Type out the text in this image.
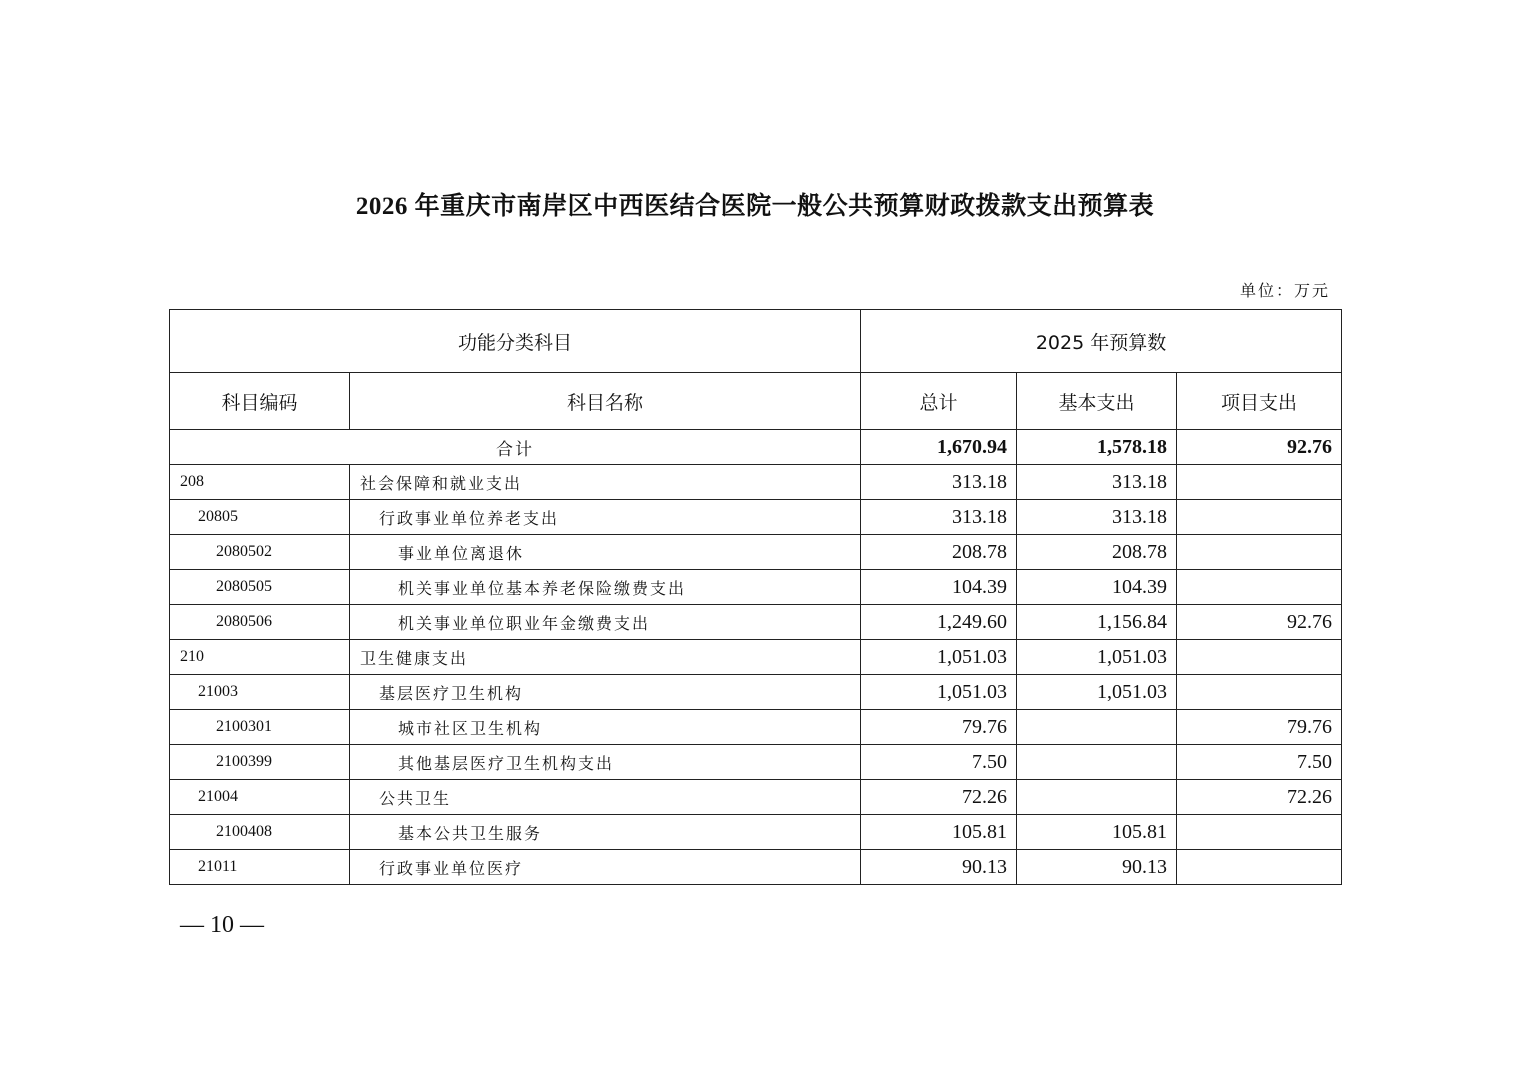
2026 年重庆市南岸区中西医结合医院一般公共预算财政拨款支出预算表
单位：万元
功能分类科目		2025 年预算数		
科目编码	科目名称	总计	基本支出	项目支出
合计		1,670.94	1,578.18	92.76
208	社会保障和就业支出	313.18	313.18	
20805	行政事业单位养老支出	313.18	313.18	
2080502	事业单位离退休	208.78	208.78	
2080505	机关事业单位基本养老保险缴费支出	104.39	104.39	
2080506	机关事业单位职业年金缴费支出	1,249.60	1,156.84	92.76
210	卫生健康支出	1,051.03	1,051.03	
21003	基层医疗卫生机构	1,051.03	1,051.03	
2100301	城市社区卫生机构	79.76		79.76
2100399	其他基层医疗卫生机构支出	7.50		7.50
21004	公共卫生	72.26		72.26
2100408	基本公共卫生服务	105.81	105.81	
21011	行政事业单位医疗	90.13	90.13	
— 10 —
